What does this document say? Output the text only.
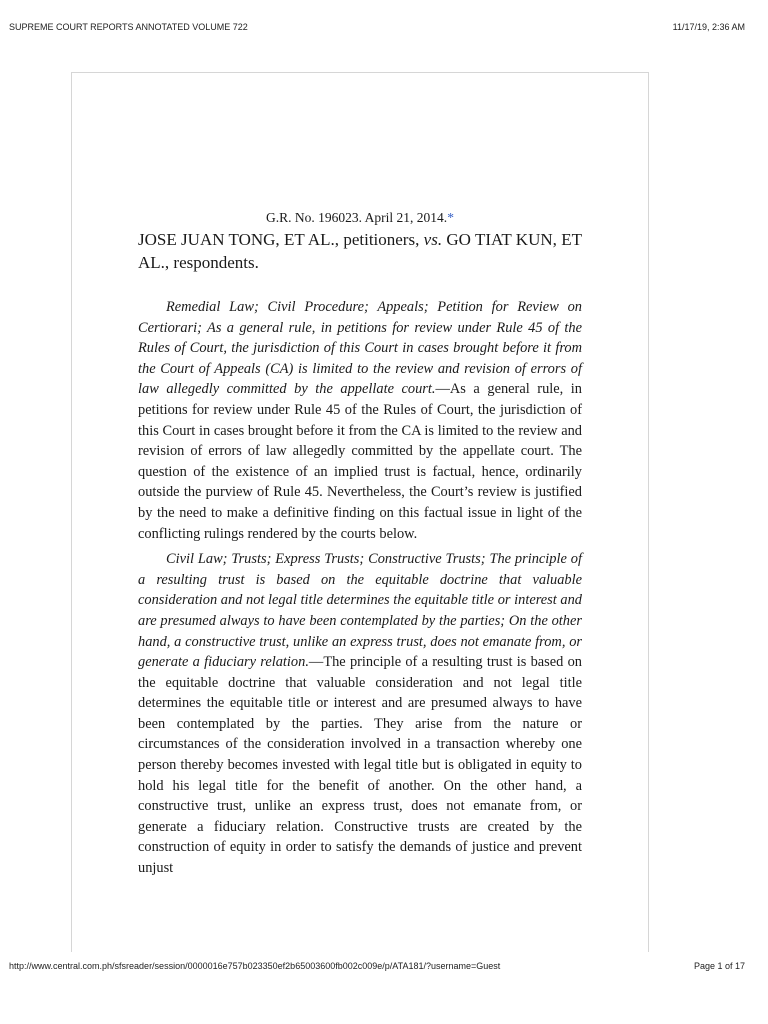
SUPREME COURT REPORTS ANNOTATED VOLUME 722	11/17/19, 2:36 AM

G.R. No. 196023. April 21, 2014.*

JOSE JUAN TONG, ET AL., petitioners, vs. GO TIAT KUN, ET AL., respondents.

Remedial Law; Civil Procedure; Appeals; Petition for Review on Certiorari; As a general rule, in petitions for review under Rule 45 of the Rules of Court, the jurisdiction of this Court in cases brought before it from the Court of Appeals (CA) is limited to the review and revision of errors of law allegedly committed by the appellate court.—As a general rule, in petitions for review under Rule 45 of the Rules of Court, the jurisdiction of this Court in cases brought before it from the CA is limited to the review and revision of errors of law allegedly committed by the appellate court. The question of the existence of an implied trust is factual, hence, ordinarily outside the purview of Rule 45. Nevertheless, the Court’s review is justified by the need to make a definitive finding on this factual issue in light of the conflicting rulings rendered by the courts below.

Civil Law; Trusts; Express Trusts; Constructive Trusts; The principle of a resulting trust is based on the equitable doctrine that valuable consideration and not legal title determines the equitable title or interest and are presumed always to have been contemplated by the parties; On the other hand, a constructive trust, unlike an express trust, does not emanate from, or generate a fiduciary relation.—The principle of a resulting trust is based on the equitable doctrine that valuable consideration and not legal title determines the equitable title or interest and are presumed always to have been contemplated by the parties. They arise from the nature or circumstances of the consideration involved in a transaction whereby one person thereby becomes invested with legal title but is obligated in equity to hold his legal title for the benefit of another. On the other hand, a constructive trust, unlike an express trust, does not emanate from, or generate a fiduciary relation. Constructive trusts are created by the construction of equity in order to satisfy the demands of justice and prevent unjust

http://www.central.com.ph/sfsreader/session/0000016e757b023350ef2b65003600fb002c009e/p/ATA181/?username=Guest	Page 1 of 17
